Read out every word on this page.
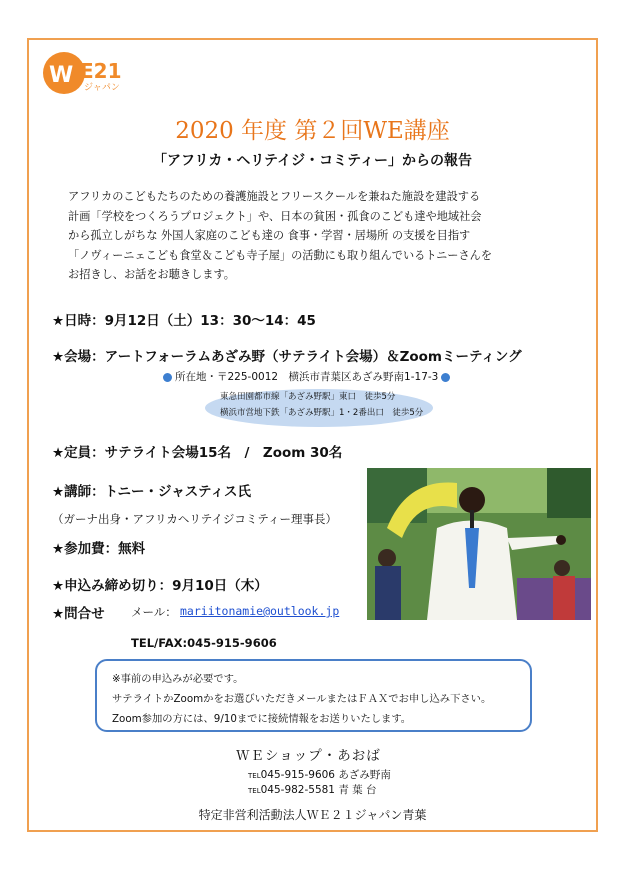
W E21
ジャパン
2020 年度 第２回WE講座
「アフリカ・ヘリテイジ・コミティー」からの報告
アフリカのこどもたちのための養護施設とフリースクールを兼ねた施設を建設する
計画「学校をつくろうプロジェクト」や、日本の貧困・孤食のこども達や地域社会
から孤立しがちな 外国人家庭のこども達の 食事・学習・居場所 の支援を目指す
「ノヴィーニェこども食堂＆こども寺子屋」の活動にも取り組んでいるトニーさんを
お招きし、お話をお聴きします。
★日時：9月12日（土）13：30〜14：45
★会場：アートフォーラムあざみ野（サテライト会場）＆Zoomミーティング
所在地・〒225-0012　横浜市青葉区あざみ野南1-17-3
東急田園都市線「あざみ野駅」東口　徒歩5分
横浜市営地下鉄「あざみ野駅」1・2番出口　徒歩5分
★定員：サテライト会場15名　/　Zoom 30名
★講師：トニー・ジャスティス氏
（ガーナ出身・アフリカヘリテイジコミティー理事長）
★参加費：無料
★申込み締め切り：9月10日（木）
★問合せ メール： mariitonamie@outlook.jp
TEL/FAX:045-915-9606
※事前の申込みが必要です。
サテライトかZoomかをお選びいただきメールまたはＦＡＸでお申し込み下さい。
Zoom参加の方には、9/10までに接続情報をお送りいたします。
ＷＥショップ・あおば
TEL045-915-9606 あざみ野南
TEL045-982-5581 青 葉 台
特定非営利活動法人ＷＥ２１ジャパン青葉
